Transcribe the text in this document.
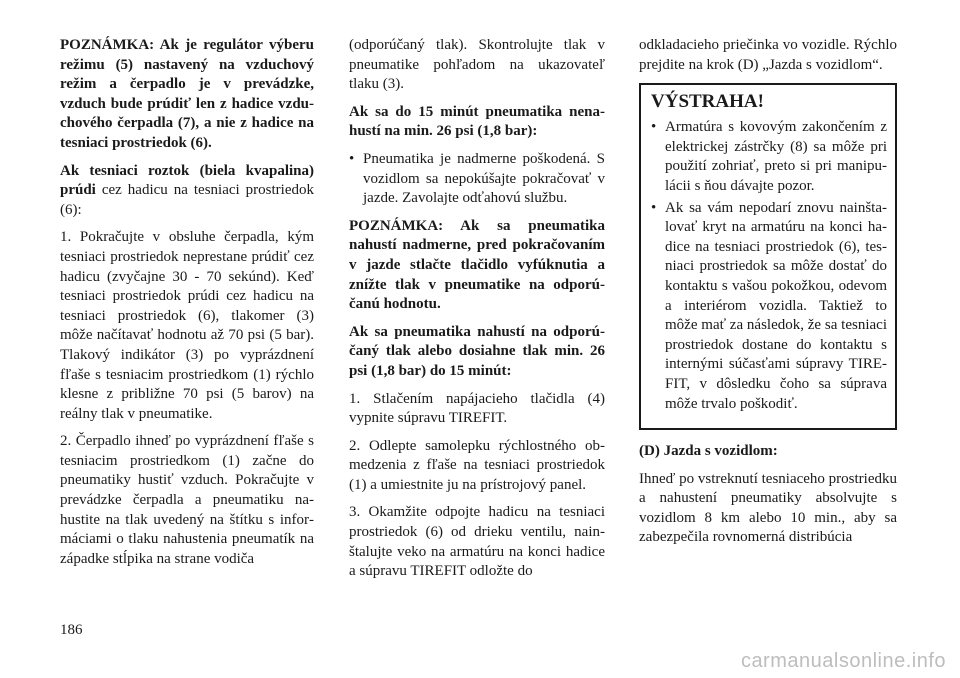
POZNÁMKA: Ak je regulátor výberu režimu (5) nastavený na vzduchový režim a čerpadlo je v prevádzke, vzduch bude prúdiť len z hadice vzduchového čerpadla (7), a nie z hadice na tesniaci prostriedok (6).

Ak tesniaci roztok (biela kvapalina) prúdi cez hadicu na tesniaci prostriedok (6):

1. Pokračujte v obsluhe čerpadla, kým tesniaci prostriedok neprestane prúdiť cez hadicu (zvyčajne 30 - 70 sekúnd). Keď tesniaci prostriedok prúdi cez hadicu na tesniaci prostriedok (6), tlakomer (3) môže načítavať hodnotu až 70 psi (5 bar). Tlakový indikátor (3) po vyprázdnení fľaše s tesniacim prostriedkom (1) rýchlo klesne z približne 70 psi (5 barov) na reálny tlak v pneumatike.

2. Čerpadlo ihneď po vyprázdnení fľaše s tesniacim prostriedkom (1) začne do pneumatiky hustiť vzduch. Pokračujte v prevádzke čerpadla a pneumatiku nahustite na tlak uvedený na štítku s informáciami o tlaku nahustenia pneumatík na západke stĺpika na strane vodiča

(odporúčaný tlak). Skontrolujte tlak v pneumatike pohľadom na ukazovateľ tlaku (3).

Ak sa do 15 minút pneumatika nenahustí na min. 26 psi (1,8 bar):

• Pneumatika je nadmerne poškodená. S vozidlom sa nepokúšajte pokračovať v jazde. Zavolajte odťahovú službu.

POZNÁMKA: Ak sa pneumatika nahustí nadmerne, pred pokračovaním v jazde stlačte tlačidlo vyfúknutia a znížte tlak v pneumatike na odporúčanú hodnotu.

Ak sa pneumatika nahustí na odporúčaný tlak alebo dosiahne tlak min. 26 psi (1,8 bar) do 15 minút:

1. Stlačením napájacieho tlačidla (4) vypnite súpravu TIREFIT.

2. Odlepte samolepku rýchlostného obmedzenia z fľaše na tesniaci prostriedok (1) a umiestnite ju na prístrojový panel.

3. Okamžite odpojte hadicu na tesniaci prostriedok (6) od drieku ventilu, nainštalujte veko na armatúru na konci hadice a súpravu TIREFIT odložte do

odkladacieho priečinka vo vozidle. Rýchlo prejdite na krok (D) „Jazda s vozidlom“.

VÝSTRAHA!
• Armatúra s kovovým zakončením z elektrickej zástrčky (8) sa môže pri použití zohriať, preto si pri manipulácii s ňou dávajte pozor.
• Ak sa vám nepodarí znovu nainštalovať kryt na armatúru na konci hadice na tesniaci prostriedok (6), tesniaci prostriedok sa môže dostať do kontaktu s vašou pokožkou, odevom a interiérom vozidla. Taktiež to môže mať za následok, že sa tesniaci prostriedok dostane do kontaktu s internými súčasťami súpravy TIREFIT, v dôsledku čoho sa súprava môže trvalo poškodiť.

(D) Jazda s vozidlom:

Ihneď po vstreknutí tesniaceho prostriedku a nahustení pneumatiky absolvujte s vozidlom 8 km alebo 10 min., aby sa zabezpečila rovnomerná distribúcia

186
carmanualsonline.info
